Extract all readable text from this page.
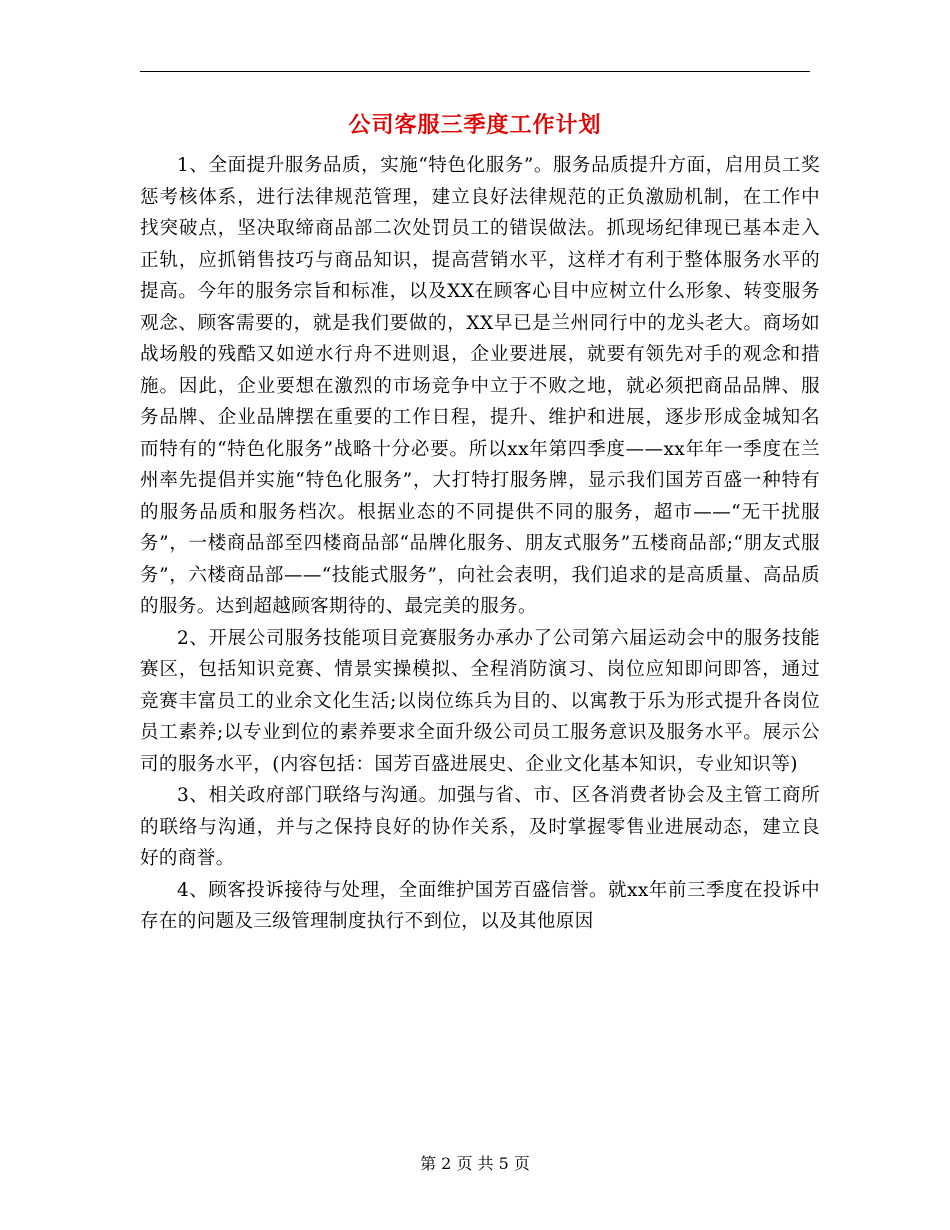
公司客服三季度工作计划

1、全面提升服务品质，实施“特色化服务”。服务品质提升方面，启用员工奖惩考核体系，进行法律规范管理，建立良好法律规范的正负激励机制，在工作中找突破点，坚决取缔商品部二次处罚员工的错误做法。抓现场纪律现已基本走入正轨，应抓销售技巧与商品知识，提高营销水平，这样才有利于整体服务水平的提高。今年的服务宗旨和标准，以及XX在顾客心目中应树立什么形象、转变服务观念、顾客需要的，就是我们要做的，XX早已是兰州同行中的龙头老大。商场如战场般的残酷又如逆水行舟不进则退，企业要进展，就要有领先对手的观念和措施。因此，企业要想在激烈的市场竞争中立于不败之地，就必须把商品品牌、服务品牌、企业品牌摆在重要的工作日程，提升、维护和进展，逐步形成金城知名而特有的“特色化服务”战略十分必要。所以xx年第四季度——xx年年一季度在兰州率先提倡并实施“特色化服务”，大打特打服务牌，显示我们国芳百盛一种特有的服务品质和服务档次。根据业态的不同提供不同的服务，超市——“无干扰服务”，一楼商品部至四楼商品部“品牌化服务、朋友式服务”五楼商品部;“朋友式服务”，六楼商品部——“技能式服务”，向社会表明，我们追求的是高质量、高品质的服务。达到超越顾客期待的、最完美的服务。

2、开展公司服务技能项目竞赛服务办承办了公司第六届运动会中的服务技能赛区，包括知识竞赛、情景实操模拟、全程消防演习、岗位应知即问即答，通过竞赛丰富员工的业余文化生活;以岗位练兵为目的、以寓教于乐为形式提升各岗位员工素养;以专业到位的素养要求全面升级公司员工服务意识及服务水平。展示公司的服务水平，(内容包括：国芳百盛进展史、企业文化基本知识，专业知识等)

3、相关政府部门联络与沟通。加强与省、市、区各消费者协会及主管工商所的联络与沟通，并与之保持良好的协作关系，及时掌握零售业进展动态，建立良好的商誉。

4、顾客投诉接待与处理，全面维护国芳百盛信誉。就xx年前三季度在投诉中存在的问题及三级管理制度执行不到位，以及其他原因

第 2 页 共 5 页
